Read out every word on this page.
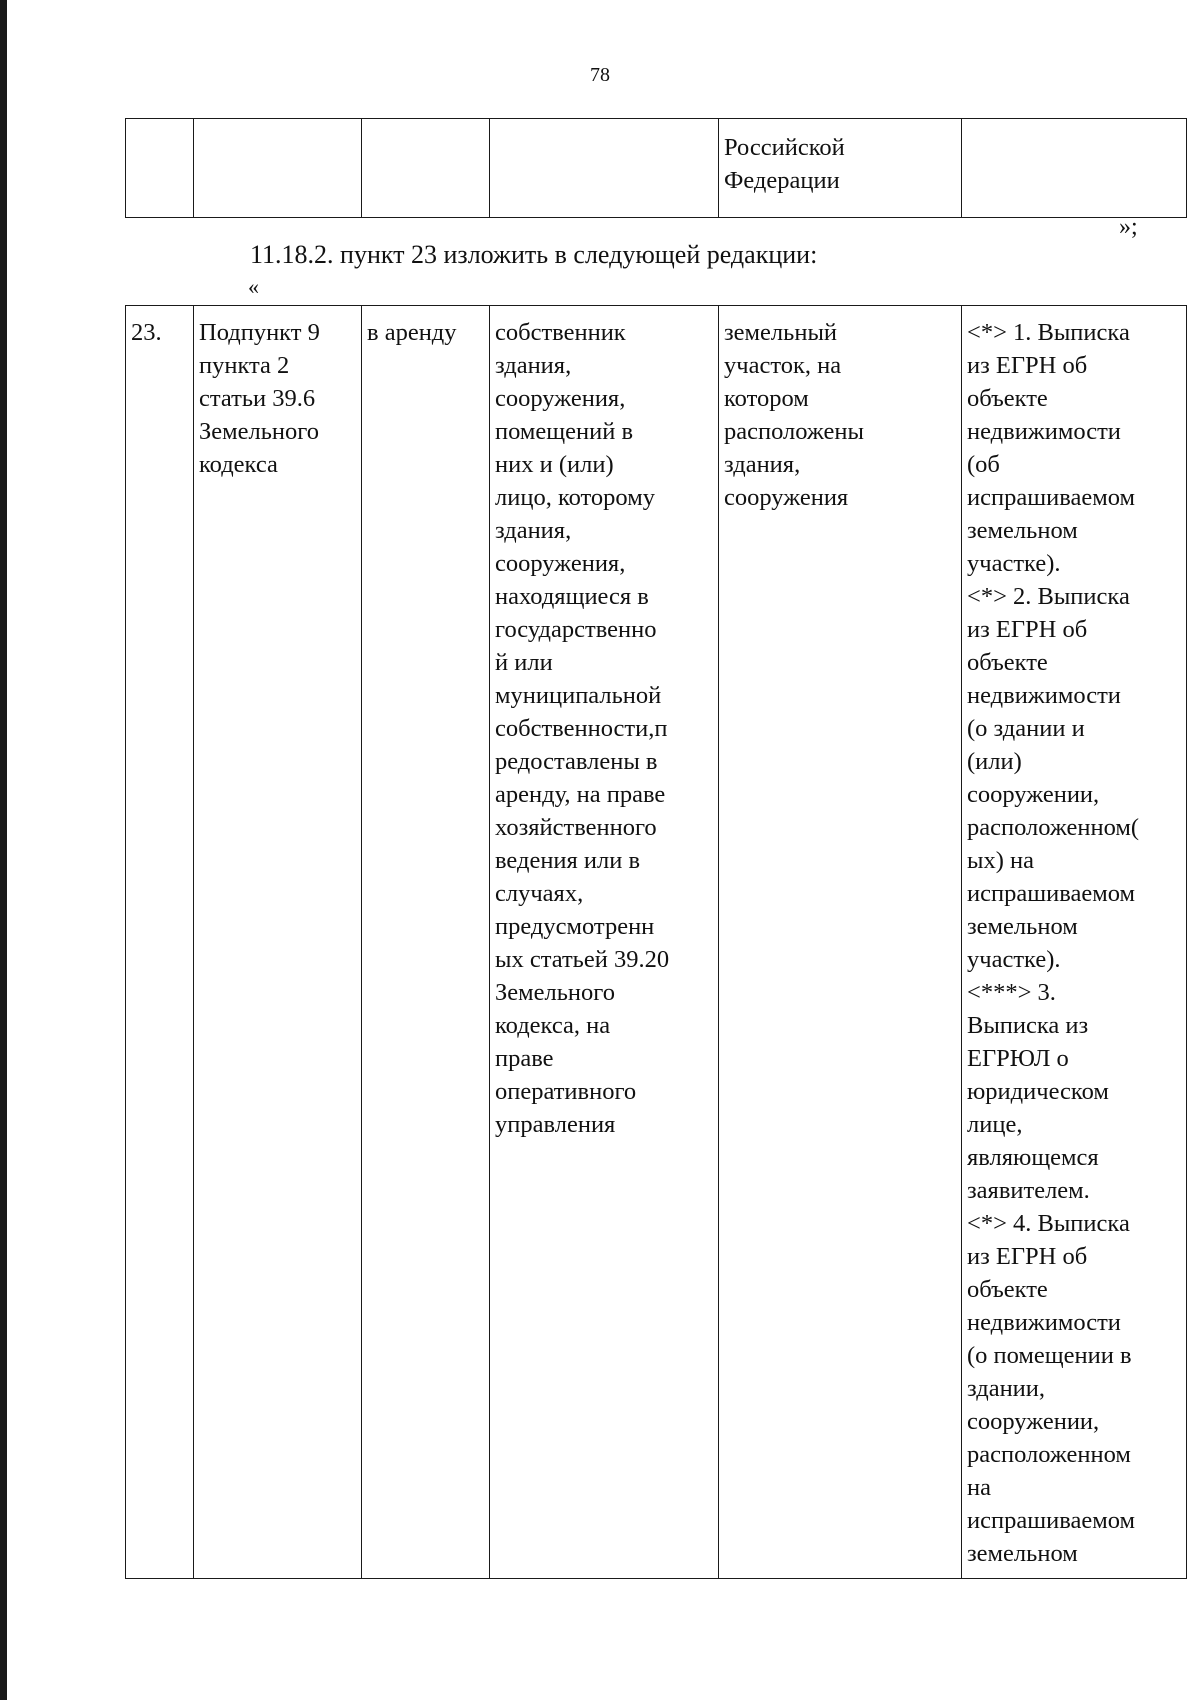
78
				Российской
Федерации	
»;
11.18.2. пункт 23 изложить в следующей редакции:
«
23.	Подпункт 9
пункта 2
статьи 39.6
Земельного
кодекса	в аренду	собственник
здания,
сооружения,
помещений в
них и (или)
лицо, которому
здания,
сооружения,
находящиеся в
государственно
й или
муниципальной
собственности,п
редоставлены в
аренду, на праве
хозяйственного
ведения или в
случаях,
предусмотренн
ых статьей 39.20
Земельного
кодекса, на
праве
оперативного
управления	земельный
участок, на
котором
расположены
здания,
сооружения	<*> 1. Выписка
из ЕГРН об
объекте
недвижимости
(об
испрашиваемом
земельном
участке).
<*> 2. Выписка
из ЕГРН об
объекте
недвижимости
(о здании и
(или)
сооружении,
расположенном(
ых) на
испрашиваемом
земельном
участке).
<***> 3.
Выписка из
ЕГРЮЛ о
юридическом
лице,
являющемся
заявителем.
<*> 4. Выписка
из ЕГРН об
объекте
недвижимости
(о помещении в
здании,
сооружении,
расположенном
на
испрашиваемом
земельном
